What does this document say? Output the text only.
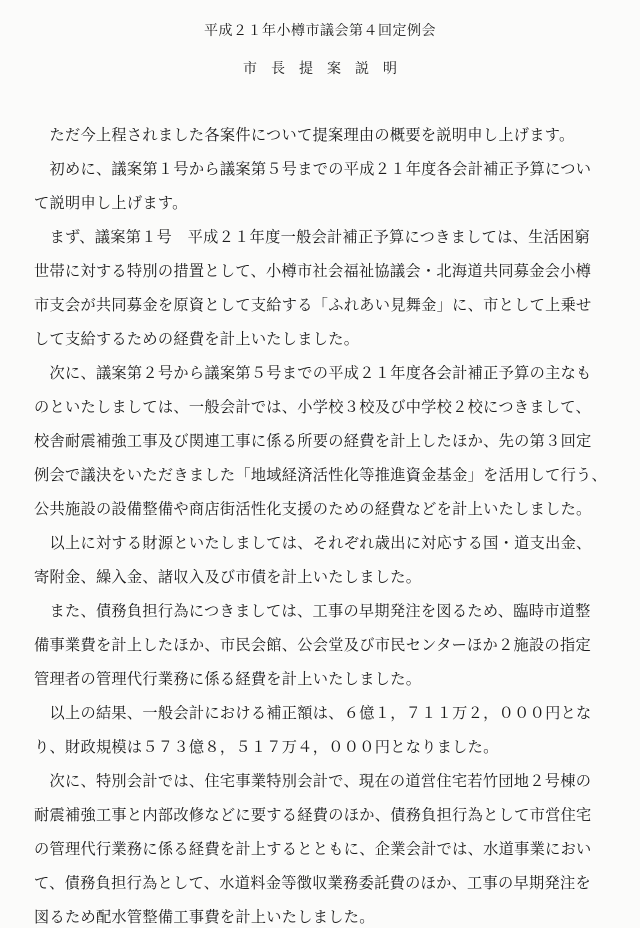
平成２１年小樽市議会第４回定例会
市長提案説明
　ただ今上程されました各案件について提案理由の概要を説明申し上げます。
　初めに、議案第１号から議案第５号までの平成２１年度各会計補正予算につい
て説明申し上げます。
　まず、議案第１号　平成２１年度一般会計補正予算につきましては、生活困窮
世帯に対する特別の措置として、小樽市社会福祉協議会・北海道共同募金会小樽
市支会が共同募金を原資として支給する「ふれあい見舞金」に、市として上乗せ
して支給するための経費を計上いたしました。
　次に、議案第２号から議案第５号までの平成２１年度各会計補正予算の主なも
のといたしましては、一般会計では、小学校３校及び中学校２校につきまして、
校舎耐震補強工事及び関連工事に係る所要の経費を計上したほか、先の第３回定
例会で議決をいただきました「地域経済活性化等推進資金基金」を活用して行う、
公共施設の設備整備や商店街活性化支援のための経費などを計上いたしました。
　以上に対する財源といたしましては、それぞれ歳出に対応する国・道支出金、
寄附金、繰入金、諸収入及び市債を計上いたしました。
　また、債務負担行為につきましては、工事の早期発注を図るため、臨時市道整
備事業費を計上したほか、市民会館、公会堂及び市民センターほか２施設の指定
管理者の管理代行業務に係る経費を計上いたしました。
　以上の結果、一般会計における補正額は、６億１，７１１万２，０００円とな
り、財政規模は５７３億８，５１７万４，０００円となりました。
　次に、特別会計では、住宅事業特別会計で、現在の道営住宅若竹団地２号棟の
耐震補強工事と内部改修などに要する経費のほか、債務負担行為として市営住宅
の管理代行業務に係る経費を計上するとともに、企業会計では、水道事業におい
て、債務負担行為として、水道料金等徴収業務委託費のほか、工事の早期発注を
図るため配水管整備工事費を計上いたしました。
